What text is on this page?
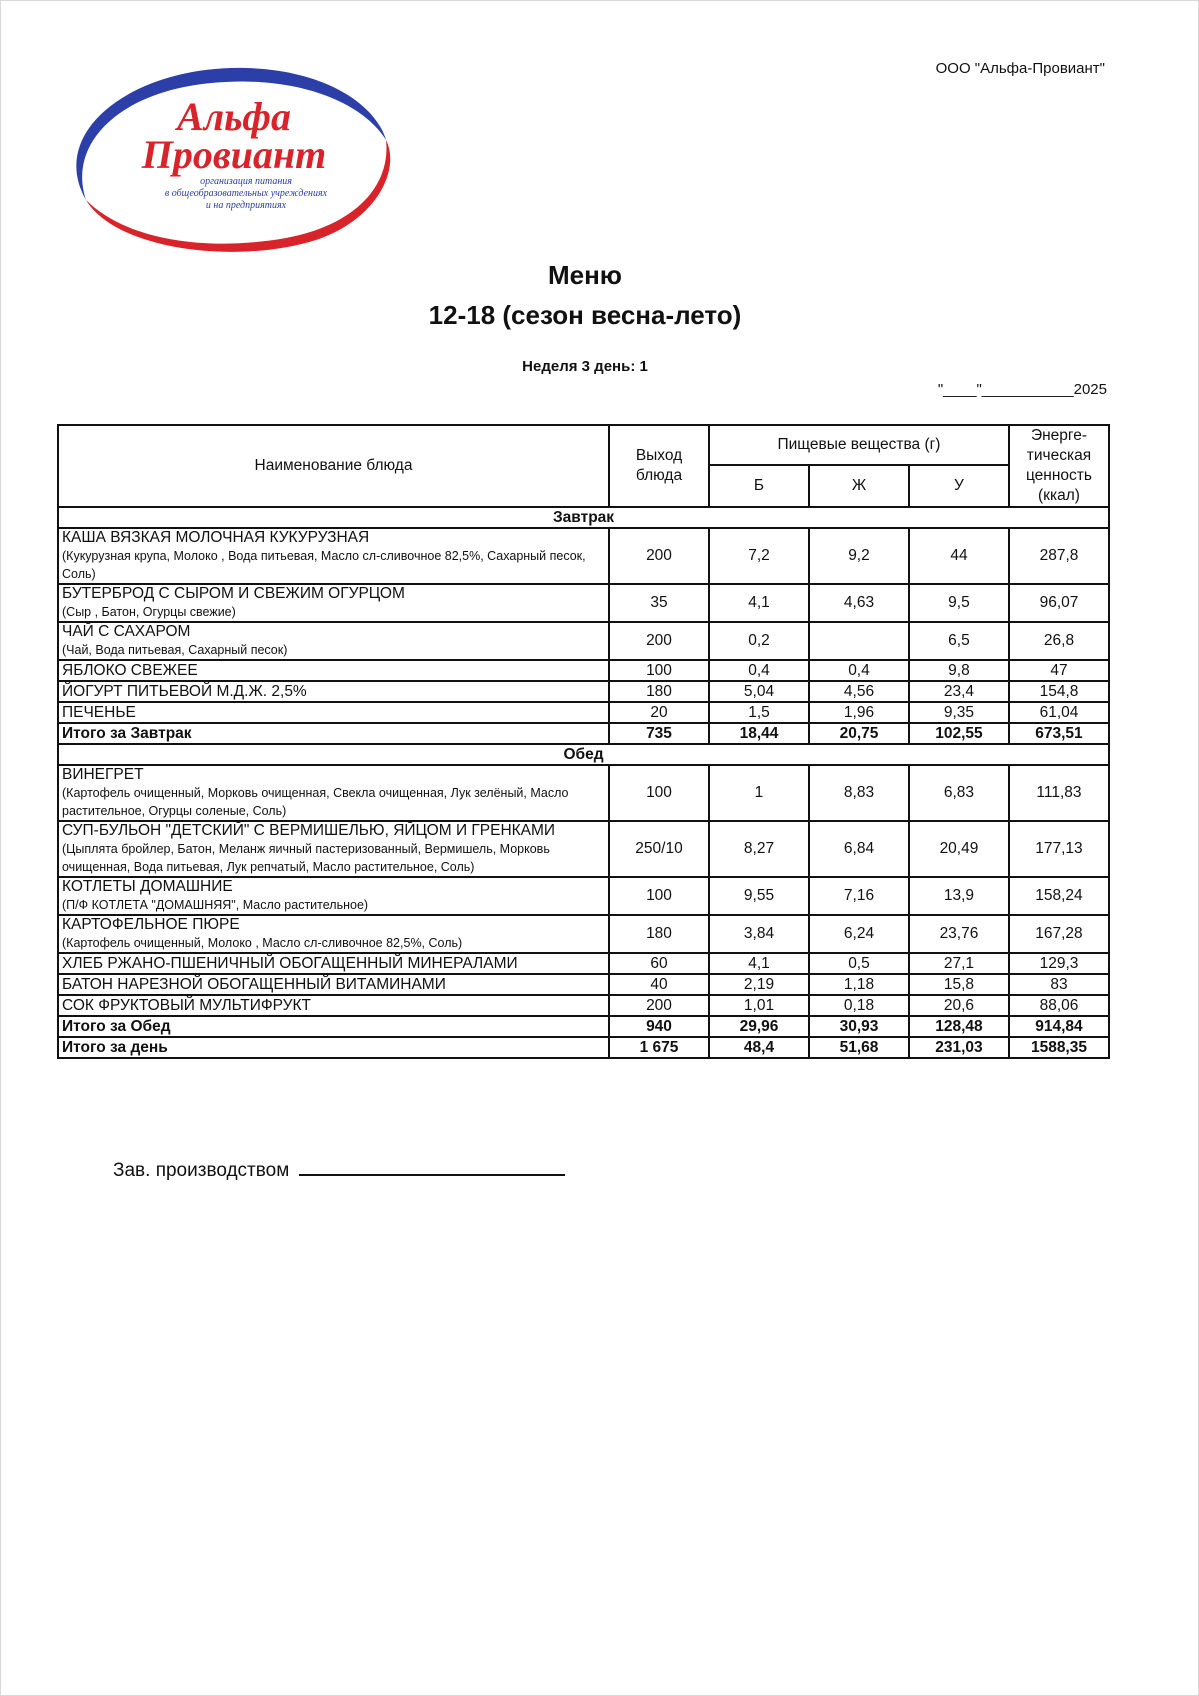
ООО "Альфа-Провиант"
Альфа
Провиант
организация питания
в общеобразовательных учреждениях
и на предприятиях
Меню
12-18 (сезон весна-лето)
Неделя 3 день: 1
"____"___________2025
Наименование блюда	Выход блюда	Пищевые вещества (г)			Энерге- тическая ценность (ккал)
		Б	Ж	У	
Завтрак					

КАША ВЯЗКАЯ МОЛОЧНАЯ КУКУРУЗНАЯ
(Кукурузная крупа, Молоко , Вода питьевая, Масло сл-сливочное 82,5%, Сахарный песок, Соль)	200	7,2	9,2	44	287,8

БУТЕРБРОД С СЫРОМ И СВЕЖИМ ОГУРЦОМ
(Сыр , Батон, Огурцы свежие)	35	4,1	4,63	9,5	96,07

ЧАЙ С САХАРОМ
(Чай, Вода питьевая, Сахарный песок)	200	0,2		6,5	26,8

ЯБЛОКО СВЕЖЕЕ	100	0,4	0,4	9,8	47

ЙОГУРТ ПИТЬЕВОЙ М.Д.Ж. 2,5%	180	5,04	4,56	23,4	154,8

ПЕЧЕНЬЕ	20	1,5	1,96	9,35	61,04
Итого за Завтрак	735	18,44	20,75	102,55	673,51
Обед					

ВИНЕГРЕТ
(Картофель очищенный, Морковь очищенная, Свекла очищенная, Лук зелёный, Масло растительное, Огурцы соленые, Соль)	100	1	8,83	6,83	111,83

СУП-БУЛЬОН "ДЕТСКИЙ" С ВЕРМИШЕЛЬЮ, ЯЙЦОМ И ГРЕНКАМИ
(Цыплята бройлер, Батон, Меланж яичный пастеризованный, Вермишель, Морковь очищенная, Вода питьевая, Лук репчатый, Масло растительное, Соль)	250/10	8,27	6,84	20,49	177,13

КОТЛЕТЫ ДОМАШНИЕ
(П/Ф КОТЛЕТА "ДОМАШНЯЯ", Масло растительное)	100	9,55	7,16	13,9	158,24

КАРТОФЕЛЬНОЕ ПЮРЕ
(Картофель очищенный, Молоко , Масло сл-сливочное 82,5%, Соль)	180	3,84	6,24	23,76	167,28

ХЛЕБ РЖАНО-ПШЕНИЧНЫЙ ОБОГАЩЕННЫЙ МИНЕРАЛАМИ	60	4,1	0,5	27,1	129,3

БАТОН НАРЕЗНОЙ ОБОГАЩЕННЫЙ ВИТАМИНАМИ	40	2,19	1,18	15,8	83

СОК ФРУКТОВЫЙ МУЛЬТИФРУКТ	200	1,01	0,18	20,6	88,06
Итого за Обед	940	29,96	30,93	128,48	914,84
Итого за день	1 675	48,4	51,68	231,03	1588,35
Зав. производством
